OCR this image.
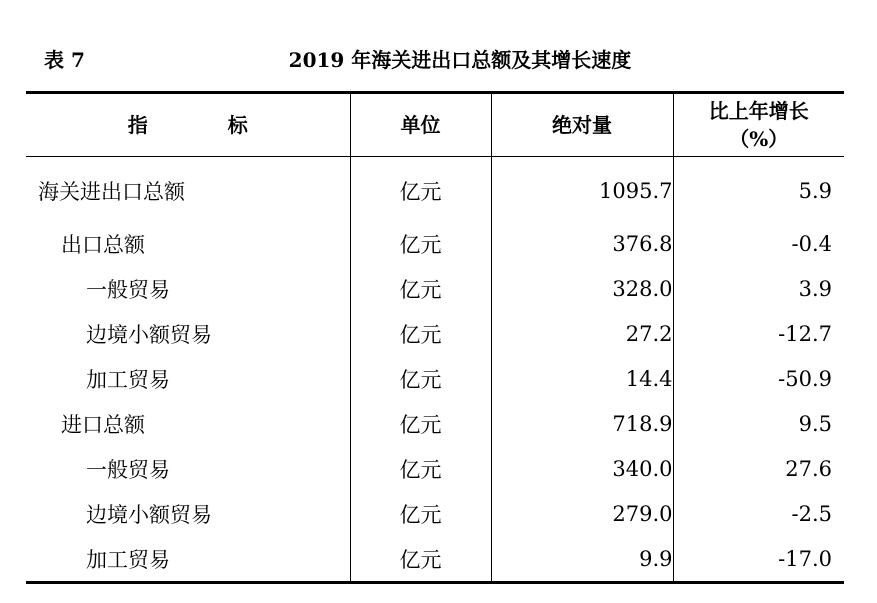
表 7	2019 年海关进出口总额及其增长速度
指标	单位	绝对量	比上年增长
（%）

海关进出口总额	亿元	1095.7	5.9
出口总额	亿元	376.8	-0.4
一般贸易	亿元	328.0	3.9
边境小额贸易	亿元	27.2	-12.7
加工贸易	亿元	14.4	-50.9
进口总额	亿元	718.9	9.5
一般贸易	亿元	340.0	27.6
边境小额贸易	亿元	279.0	-2.5
加工贸易	亿元	9.9	-17.0
